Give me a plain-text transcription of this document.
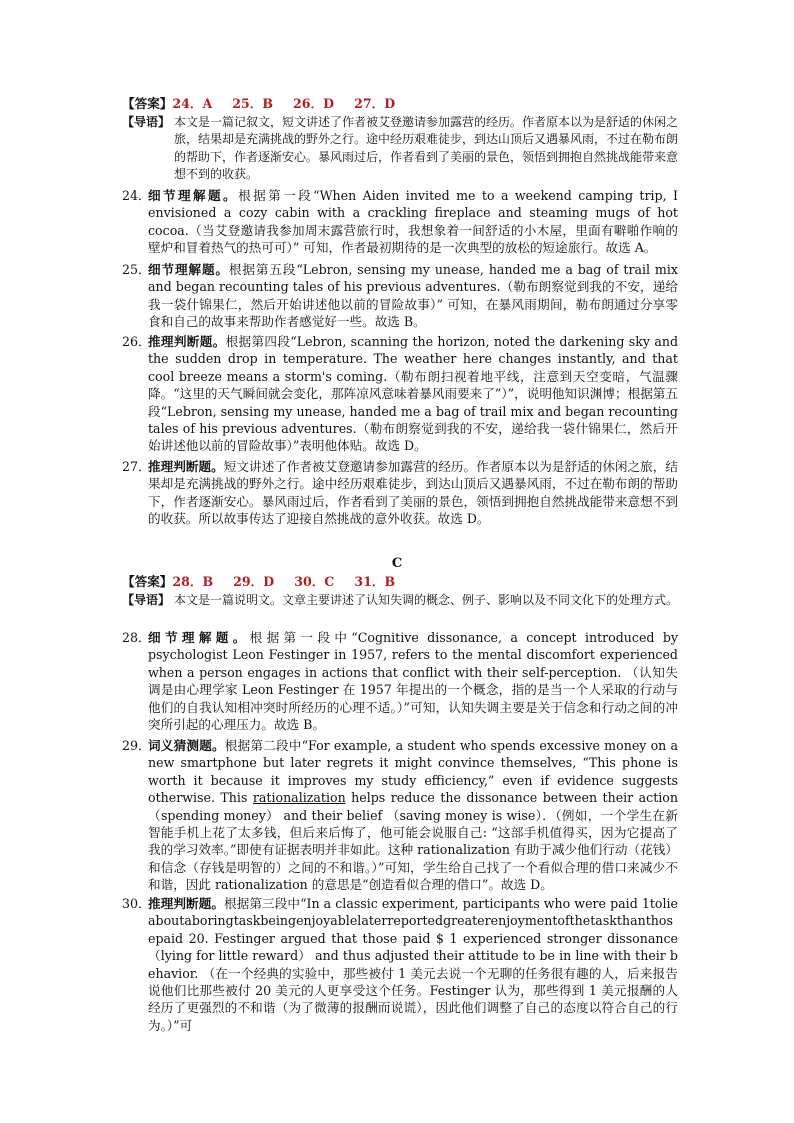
【答案】24．A 25．B 26．D 27．D
【导语】 本文是一篇记叙文，短文讲述了作者被艾登邀请参加露营的经历。作者原本以为是舒适的休闲之旅，结果却是充满挑战的野外之行。途中经历艰难徒步，到达山顶后又遇暴风雨，不过在勒布朗的帮助下，作者逐渐安心。暴风雨过后，作者看到了美丽的景色，领悟到拥抱自然挑战能带来意想不到的收获。
24．
细节理解题。根据第一段“When Aiden invited me to a weekend camping trip, I envisioned a cozy cabin with a crackling fireplace and steaming mugs of hot cocoa.（当艾登邀请我参加周末露营旅行时，我想象着一间舒适的小木屋，里面有噼啪作响的壁炉和冒着热气的热可可）” 可知，作者最初期待的是一次典型的放松的短途旅行。故选 A。
25．
细节理解题。根据第五段“Lebron, sensing my unease, handed me a bag of trail mix and began recounting tales of his previous adventures.（勒布朗察觉到我的不安，递给我一袋什锦果仁，然后开始讲述他以前的冒险故事）” 可知，在暴风雨期间，勒布朗通过分享零食和自己的故事来帮助作者感觉好一些。故选 B。
26．
推理判断题。根据第四段“Lebron, scanning the horizon, noted the darkening sky and the sudden drop in temperature. The weather here changes instantly, and that cool breeze means a storm's coming.（勒布朗扫视着地平线，注意到天空变暗，气温骤降。“这里的天气瞬间就会变化，那阵凉风意味着暴风雨要来了”）”，说明他知识渊博；根据第五段“Lebron, sensing my unease, handed me a bag of trail mix and began recounting tales of his previous adventures.（勒布朗察觉到我的不安，递给我一袋什锦果仁，然后开始讲述他以前的冒险故事）”表明他体贴。故选 D。
27．
推理判断题。短文讲述了作者被艾登邀请参加露营的经历。作者原本以为是舒适的休闲之旅，结果却是充满挑战的野外之行。途中经历艰难徒步，到达山顶后又遇暴风雨，不过在勒布朗的帮助下，作者逐渐安心。暴风雨过后，作者看到了美丽的景色，领悟到拥抱自然挑战能带来意想不到的收获。所以故事传达了迎接自然挑战的意外收获。故选 D。
C
【答案】28．B 29．D 30．C 31．B
【导语】 本文是一篇说明文。文章主要讲述了认知失调的概念、例子、影响以及不同文化下的处理方式。
28．
细节理解题。根据第一段中“Cognitive dissonance, a concept introduced by psychologist Leon Festinger in 1957, refers to the mental discomfort experienced when a person engages in actions that conflict with their self-perception. （认知失调是由心理学家 Leon Festinger 在 1957 年提出的一个概念，指的是当一个人采取的行动与他们的自我认知相冲突时所经历的心理不适。）”可知，认知失调主要是关于信念和行动之间的冲突所引起的心理压力。故选 B。
29．
词义猜测题。根据第二段中“For example, a student who spends excessive money on a new smartphone but later regrets it might convince themselves, “This phone is worth it because it improves my study efficiency,” even if evidence suggests otherwise. This rationalization helps reduce the dissonance between their action （spending money） and their belief （saving money is wise）．（例如，一个学生在新智能手机上花了太多钱，但后来后悔了，他可能会说服自己: “这部手机值得买，因为它提高了我的学习效率。”即使有证据表明并非如此。这种 rationalization 有助于减少他们行动（花钱）和信念（存钱是明智的）之间的不和谐。）”可知，学生给自己找了一个看似合理的借口来减少不和谐，因此 rationalization 的意思是“创造看似合理的借口”。故选 D。
30．
推理判断题。根据第三段中“In a classic experiment, participants who were paid 1tolieaboutaboringtaskbeingenjoyablelaterreportedgreaterenjoymentofthetaskthanthosepaid 20. Festinger argued that those paid $ 1 experienced stronger dissonance （lying for little reward） and thus adjusted their attitude to be in line with their behavior. （在一个经典的实验中，那些被付 1 美元去说一个无聊的任务很有趣的人，后来报告说他们比那些被付 20 美元的人更享受这个任务。Festinger 认为，那些得到 1 美元报酬的人经历了更强烈的不和谐（为了微薄的报酬而说谎），因此他们调整了自己的态度以符合自己的行为。）”可
